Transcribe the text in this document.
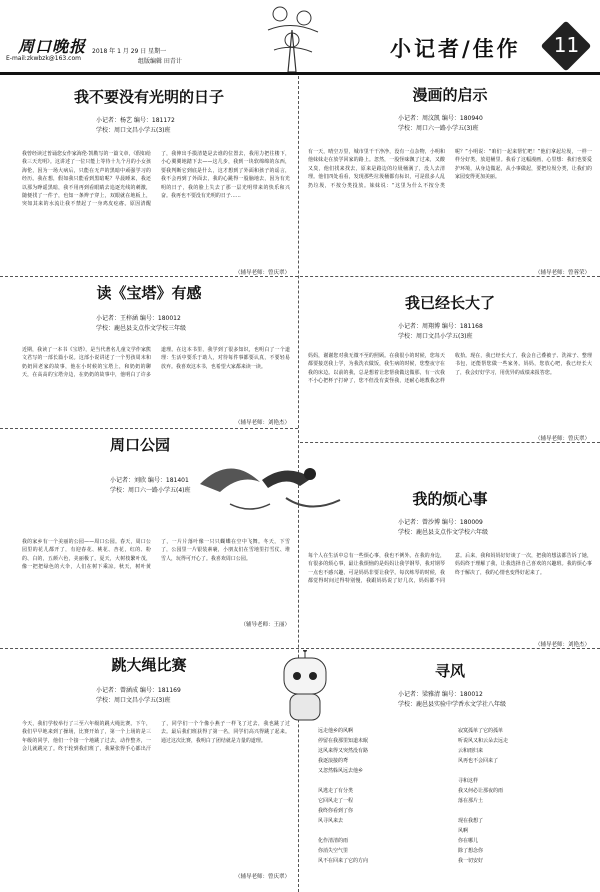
周口晚报
E-mail:zkwbzk@163.com
2018 年 1 月 29 日 星期一
组版编辑 田青计
小记者/佳作	11
我不要没有光明的日子
小记者：杨艺 编号：181172
学校：周口文昌小学五(3)班
我曾经读过普诵您女作家海伦·凯勒写的一篇文章，《假如给我三天光明》。这讲述了一位只能上等待十九个月的小女孩海伦，因为一场大病后，只能在无声的黑暗中顽强学习的经历。我在想，假如我只能看到黑暗呢？早晨睡来，我还以那为睁遥黑暗，我不用再到看眼睛去追逐光线的刺激，随便找了一件子，也知一条辫子穿上，双眼就在地板上，突如其来的水流让我不禁起了一身鸡皮疙瘩。原因清醒了，我伸出手摸清楚是去谁的位置去，我用力把往楼下，小心翼翼地踏下去——这几步，我到一块软绵绵的东西，要我判断它到底是什么，这才想到了外面和孩子的谣言，我不会再到了外面去，我的心跳得一股脑地去，因为有光明的日子，我的脸上失去了那一层光明带来的快乐和兴奋。我再也不要没有光明的日子……
（辅导老师：曾庆翠）
读《宝塔》有感
小记者：王梓涵 编号：180012
学校：鹿邑县支点作文学校三年级
近期，我读了一本书《宝塔》，是当代著名儿童文学作家熊文君写的一部长篇小说。这部小说讲述了一个男孩周末和奶奶回老家的故事，他在小时候的宝塔上，和奶奶的聊天，在高高的宝塔旁边，在奶奶的故事中，他明白了许多道理。在这本书里，我学到了很多知识，也明白了一个道理：生活中要乐于助人，对待每件事都要认真，不要轻易放弃。我喜欢这本书，也希望大家都来读一读。
（辅导老师：刘艳杰）
漫画的启示
小记者：周汶凯 编号：180940
学校：周口六一路小学五(3)班
有一天，晴空万里，城市里干干净净，没有一点杂物，小明和他妹妹走在放学回家的路上。忽然，一股怪味飘了过来，又酸又臭，他们找来找去，原来是路边的垃圾桶满了，没人去清理。他们四处看看，发现那些垃圾桶都有标识，可是很多人乱扔垃圾，不按分类投放。妹妹说：“这里为什么不按分类呢？”小明说：“咱们一起来帮忙吧！”他们拿起垃圾，一样一样分好类，放进桶里。我看了这幅漫画，心里想：我们也要爱护环境，从身边做起，从小事做起，要把垃圾分类，让我们的家园变得更加美丽。
（辅导老师：曾蓉荣）
我已经长大了
小记者：周翔博 编号：181168
学校：周口文昌小学五(3)班
妈妈，谢谢您对我无微不至的照顾。在我很小的时候，您每天都要接送我上学，为我洗衣做饭，我生病的时候，您整夜守在我的床边。以前的我，总是想着让您帮我做这做那，有一次我不小心把杯子打碎了，您不但没有责怪我，还耐心地教我怎样收拾。现在，我已经长大了，我会自己叠被子、洗袜子、整理书包，还能帮您做一些家务。妈妈，您放心吧，我已经长大了，我会好好学习，用优异的成绩来报答您。
（辅导老师：曾庆翠）
周口公园
小记者：刘欣 编号：181401
学校：周口六一路小学五(4)班
我的家乡有一个美丽的公园——周口公园。春天，周口公园里的花儿都开了，有迎春花、桃花、杏花，红的、粉的、白的，五颜六色，美丽极了。夏天，大树枝繁叶茂，像一把把绿色的大伞，人们在树下乘凉。秋天，树叶黄了，一片片落叶像一只只蝴蝶在空中飞舞。冬天，下雪了，公园里一片银装素裹，小朋友们在雪地里打雪仗、堆雪人，玩得可开心了。我喜欢周口公园。
（辅导老师：王丽）
我的烦心事
小记者：曾沙博 编号：180009
学校：鹿邑县支点作文学校六年级
每个人在生活中总有一些烦心事，我也不例外。在我的身边，有很多的烦心事，最让我烦恼的是妈妈让我学钢琴，我对钢琴一点也不感兴趣，可是妈妈非要让我学。每次练琴的时候，我都觉得时间过得特别慢，我跟妈妈说了好几次，妈妈都不同意。后来，我和妈妈好好谈了一次，把我的想法都告诉了她，妈妈终于理解了我，让我选择自己喜欢的兴趣班。我的烦心事终于解决了，我的心情也变得好起来了。
（辅导老师：刘艳杰）
跳大绳比赛
小记者：曾涵成 编号：181169
学校：周口文昌小学五(3)班
今天，我们学校举行了三至六年级的跳大绳比赛。下午，我们早早地来到了操场，比赛开始了，第一个上场的是三年级的同学，他们一个接一个地跳了过去，动作整齐，一会儿就跳完了。终于轮到我们班了，我紧张得手心都出汗了，同学们一个个像小燕子一样飞了过去，我也跳了过去。最后我们班获得了第一名，同学们高兴得跳了起来。通过这次比赛，我明白了团结就是力量的道理。
（辅导老师：曾庆翠）
寻风
小记者：梁雅清 编号：180012
学校：鹿邑县实验中学香水文学社八年级
远走他乡的风啊
停留在我那里知道未眠
这风来得又突然没有路
我逐浪接的鸢
又忽然躲风远去他乡

风逃走了有分类
它回风走了一程
我终你看到了你
风寻风来去

化作清清的雨
你消失空气里
风不在回来了它的方向
寂寞孤单了它的孤单
听说风又和云朵去远走
云和雨归来
风再也不会回来了

寻和这样
我又何必让那夜的雨
落在那片土

现在我想了
风啊
你在哪儿
除了想念你
我一切安好
